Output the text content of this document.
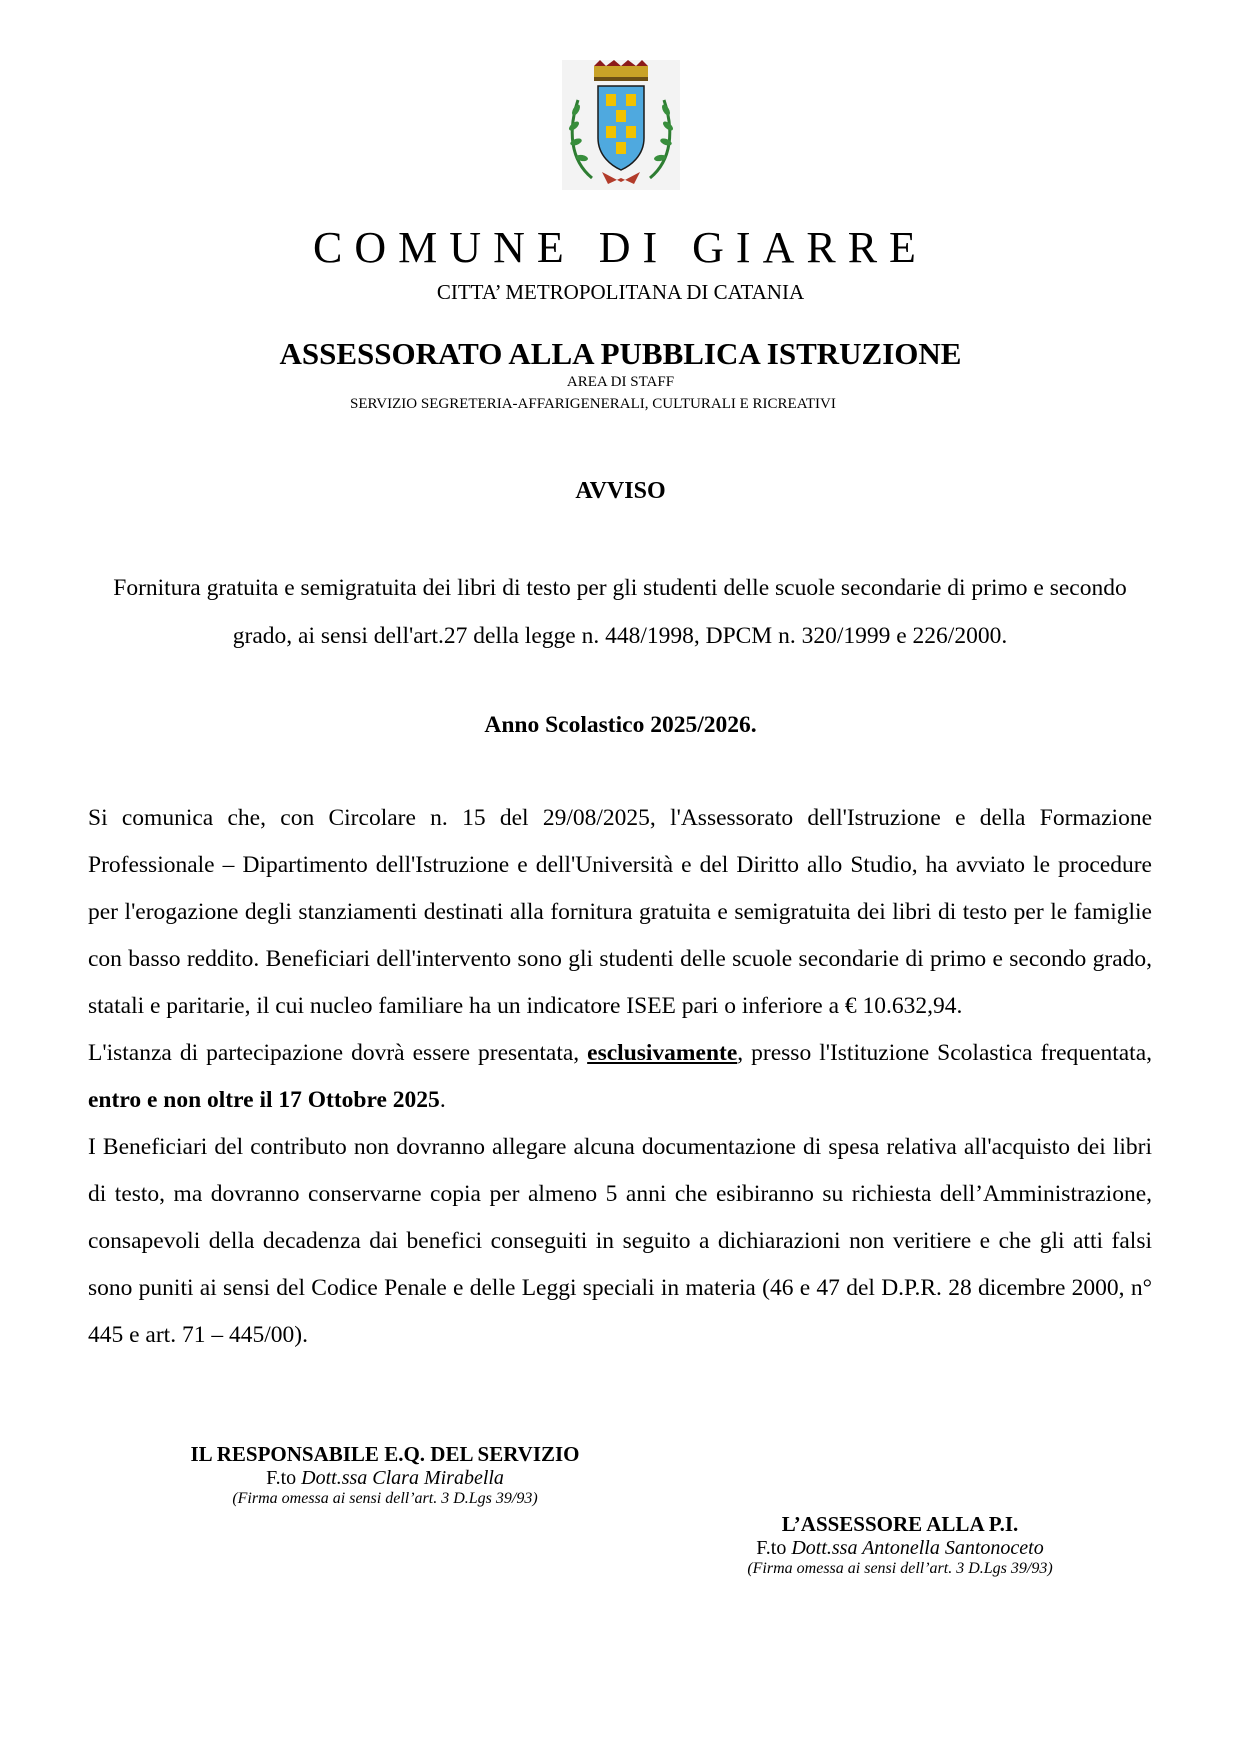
COMUNE DI GIARRE
CITTA’ METROPOLITANA DI CATANIA
ASSESSORATO ALLA PUBBLICA ISTRUZIONE
AREA DI STAFF
SERVIZIO SEGRETERIA-AFFARIGENERALI, CULTURALI E RICREATIVI
AVVISO
Fornitura gratuita e semigratuita dei libri di testo per gli studenti delle scuole secondarie di primo e secondo grado, ai sensi dell'art.27 della legge n. 448/1998, DPCM n. 320/1999 e 226/2000.
Anno Scolastico 2025/2026.

Si comunica che, con Circolare n. 15 del 29/08/2025, l'Assessorato dell'Istruzione e della Formazione Professionale – Dipartimento dell'Istruzione e dell'Università e del Diritto allo Studio, ha avviato le procedure per l'erogazione degli stanziamenti destinati alla fornitura gratuita e semigratuita dei libri di testo per le famiglie con basso reddito. Beneficiari dell'intervento sono gli studenti delle scuole secondarie di primo e secondo grado, statali e paritarie, il cui nucleo familiare ha un indicatore ISEE pari o inferiore a € 10.632,94.

L'istanza di partecipazione dovrà essere presentata, esclusivamente, presso l'Istituzione Scolastica frequentata, entro e non oltre il 17 Ottobre 2025.

I Beneficiari del contributo non dovranno allegare alcuna documentazione di spesa relativa all'acquisto dei libri di testo, ma dovranno conservarne copia per almeno 5 anni che esibiranno su richiesta dell’Amministrazione, consapevoli della decadenza dai benefici conseguiti in seguito a dichiarazioni non veritiere e che gli atti falsi sono puniti ai sensi del Codice Penale e delle Leggi speciali in materia (46 e 47 del D.P.R. 28 dicembre 2000, n° 445 e art. 71 – 445/00).

IL RESPONSABILE E.Q. DEL SERVIZIO
F.to Dott.ssa Clara Mirabella
(Firma omessa ai sensi dell’art. 3 D.Lgs 39/93)
L’ASSESSORE ALLA P.I.
F.to Dott.ssa Antonella Santonoceto
(Firma omessa ai sensi dell’art. 3 D.Lgs 39/93)
